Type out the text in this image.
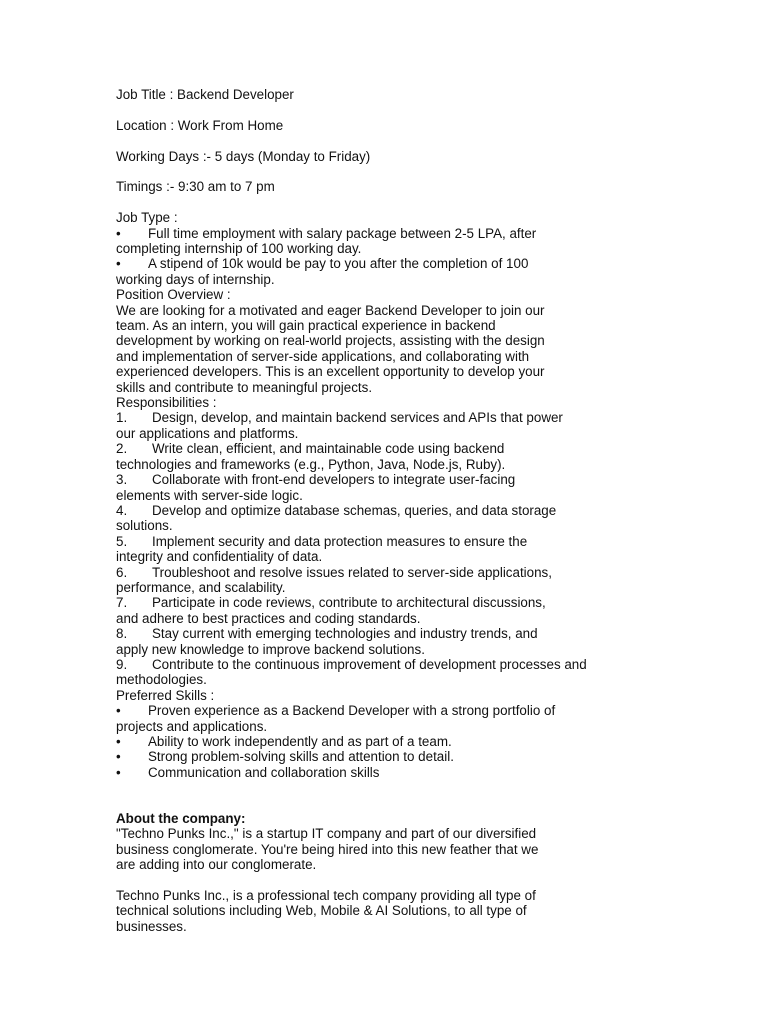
Job Title : Backend Developer

Location : Work From Home

Working Days :- 5 days (Monday to Friday)

Timings :- 9:30 am to 7 pm

Job Type :

• Full time employment with salary package between 2-5 LPA, after

completing internship of 100 working day.

• A stipend of 10k would be pay to you after the completion of 100

working days of internship.

Position Overview :

We are looking for a motivated and eager Backend Developer to join our

team. As an intern, you will gain practical experience in backend

development by working on real-world projects, assisting with the design

and implementation of server-side applications, and collaborating with

experienced developers. This is an excellent opportunity to develop your

skills and contribute to meaningful projects.

Responsibilities :

1. Design, develop, and maintain backend services and APIs that power

our applications and platforms.

2. Write clean, efficient, and maintainable code using backend

technologies and frameworks (e.g., Python, Java, Node.js, Ruby).

3. Collaborate with front-end developers to integrate user-facing

elements with server-side logic.

4. Develop and optimize database schemas, queries, and data storage

solutions.

5. Implement security and data protection measures to ensure the

integrity and confidentiality of data.

6. Troubleshoot and resolve issues related to server-side applications,

performance, and scalability.

7. Participate in code reviews, contribute to architectural discussions,

and adhere to best practices and coding standards.

8. Stay current with emerging technologies and industry trends, and

apply new knowledge to improve backend solutions.

9. Contribute to the continuous improvement of development processes and

methodologies.

Preferred Skills :

• Proven experience as a Backend Developer with a strong portfolio of

projects and applications.

• Ability to work independently and as part of a team.

• Strong problem-solving skills and attention to detail.

• Communication and collaboration skills

About the company:

"Techno Punks Inc.," is a startup IT company and part of our diversified

business conglomerate. You're being hired into this new feather that we

are adding into our conglomerate.

Techno Punks Inc., is a professional tech company providing all type of

technical solutions including Web, Mobile & AI Solutions, to all type of

businesses.
